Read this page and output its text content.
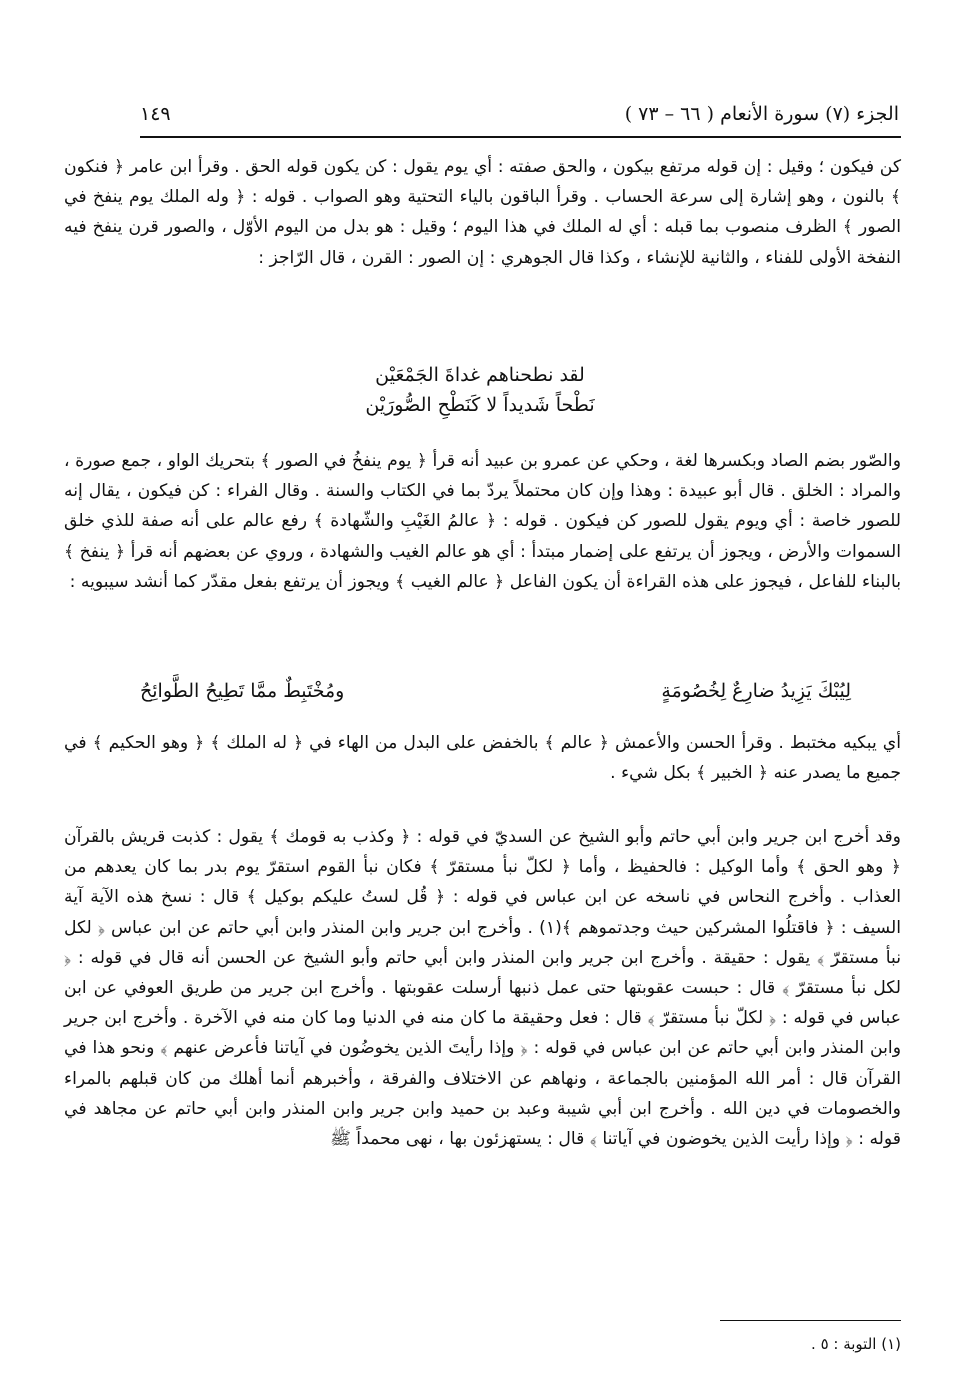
الجزء (٧) سورة الأنعام ( ٦٦ – ٧٣ )
١٤٩

كن فيكون ؛ وقيل : إن قوله مرتفع بيكون ، والحق صفته : أي يوم يقول : كن يكون قوله الحق . وقرأ ابن عامر ﴿ فنكون ﴾ بالنون ، وهو إشارة إلى سرعة الحساب . وقرأ الباقون بالياء التحتية وهو الصواب . قوله : ﴿ وله الملك يوم ينفخ في الصور ﴾ الظرف منصوب بما قبله : أي له الملك في هذا اليوم ؛ وقيل : هو بدل من اليوم الأوّل ، والصور قرن ينفخ فيه النفخة الأولى للفناء ، والثانية للإنشاء ، وكذا قال الجوهري : إن الصور : القرن ، قال الرّاجز :

لقد نطحناهم غداةَ الجَمْعَيْن
نَطْحاً شَديداً لا كَنَطْحِ الصُّورَيْن

والصّور بضم الصاد وبكسرها لغة ، وحكي عن عمرو بن عبيد أنه قرأ ﴿ يوم ينفخُ في الصور ﴾ بتحريك الواو ، جمع صورة ، والمراد : الخلق . قال أبو عبيدة : وهذا وإن كان محتملاً يردّ بما في الكتاب والسنة . وقال الفراء : كن فيكون ، يقال إنه للصور خاصة : أي ويوم يقول للصور كن فيكون . قوله : ﴿ عالمُ الغَيْبِ والشّهادة ﴾ رفع عالم على أنه صفة للذي خلق السموات والأرض ، ويجوز أن يرتفع على إضمار مبتدأ : أي هو عالم الغيب والشهادة ، وروي عن بعضهم أنه قرأ ﴿ ينفخ ﴾ بالبناء للفاعل ، فيجوز على هذه القراءة أن يكون الفاعل ﴿ عالم الغيب ﴾ ويجوز أن يرتفع بفعل مقدّر كما أنشد سيبويه :

لِيُبْكَ يَزِيدُ ضارِعٌ لِخُصُومَةٍ
ومُخْتَبِطٌ ممَّا تَطِيحُ الطَّوائِحُ

أي يبكيه مختبط . وقرأ الحسن والأعمش ﴿ عالم ﴾ بالخفض على البدل من الهاء في ﴿ له الملك ﴾ ﴿ وهو الحكيم ﴾ في جميع ما يصدر عنه ﴿ الخبير ﴾ بكل شيء .

وقد أخرج ابن جرير وابن أبي حاتم وأبو الشيخ عن السديّ في قوله : ﴿ وكذب به قومك ﴾ يقول : كذبت قريش بالقرآن ﴿ وهو الحق ﴾ وأما الوكيل : فالحفيظ ، وأما ﴿ لكلّ نبأ مستقرّ ﴾ فكان نبأ القوم استقرّ يوم بدر بما كان يعدهم من العذاب . وأخرج النحاس في ناسخه عن ابن عباس في قوله : ﴿ قُل لستُ عليكم بوكيل ﴾ قال : نسخ هذه الآية آية السيف : ﴿ فاقتلُوا المشركين حيث وجدتموهم ﴾(١) . وأخرج ابن جرير وابن المنذر وابن أبي حاتم عن ابن عباس ﴿ لكل نبأ مستقرّ ﴾ يقول : حقيقة . وأخرج ابن جرير وابن المنذر وابن أبي حاتم وأبو الشيخ عن الحسن أنه قال في قوله : ﴿ لكل نبأ مستقرّ ﴾ قال : حبست عقوبتها حتى عمل ذنبها أرسلت عقوبتها . وأخرج ابن جرير من طريق العوفي عن ابن عباس في قوله : ﴿ لكلّ نبأ مستقرّ ﴾ قال : فعل وحقيقة ما كان منه في الدنيا وما كان منه في الآخرة . وأخرج ابن جرير وابن المنذر وابن أبي حاتم عن ابن عباس في قوله : ﴿ وإذا رأيتَ الذين يخوضُون في آياتنا فأعرض عنهم ﴾ ونحو هذا في القرآن قال : أمر الله المؤمنين بالجماعة ، ونهاهم عن الاختلاف والفرقة ، وأخبرهم أنما أهلك من كان قبلهم بالمراء والخصومات في دين الله . وأخرج ابن أبي شيبة وعبد بن حميد وابن جرير وابن المنذر وابن أبي حاتم عن مجاهد في قوله : ﴿ وإذا رأيت الذين يخوضون في آياتنا ﴾ قال : يستهزئون بها ، نهى محمداً ﷺ

(١) التوبة : ٥ .
